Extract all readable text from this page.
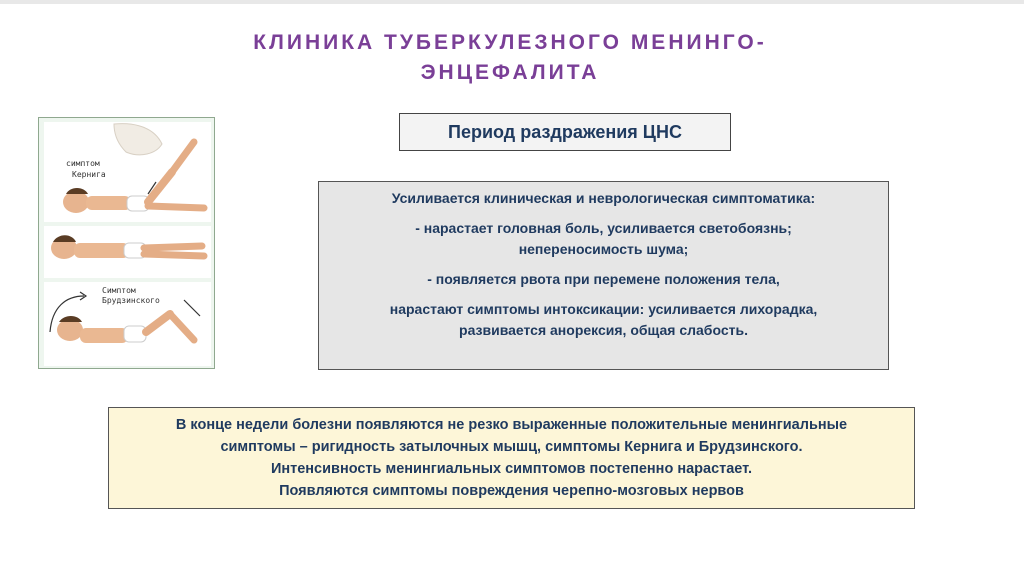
КЛИНИКА ТУБЕРКУЛЕЗНОГО МЕНИНГО-
ЭНЦЕФАЛИТА
симптом
Кернига
Симптом
Брудзинского
Период раздражения ЦНС

Усиливается клиническая и неврологическая симптоматика:

- нарастает головная боль, усиливается светобоязнь;
непереносимость шума;

- появляется рвота при перемене положения тела,

нарастают симптомы интоксикации: усиливается лихорадка,
развивается анорексия, общая слабость.

В конце недели болезни появляются не резко выраженные положительные менингиальные
симптомы – ригидность затылочных мышц, симптомы Кернига и Брудзинского.
Интенсивность менингиальных симптомов постепенно нарастает.
Появляются симптомы повреждения черепно-мозговых нервов
